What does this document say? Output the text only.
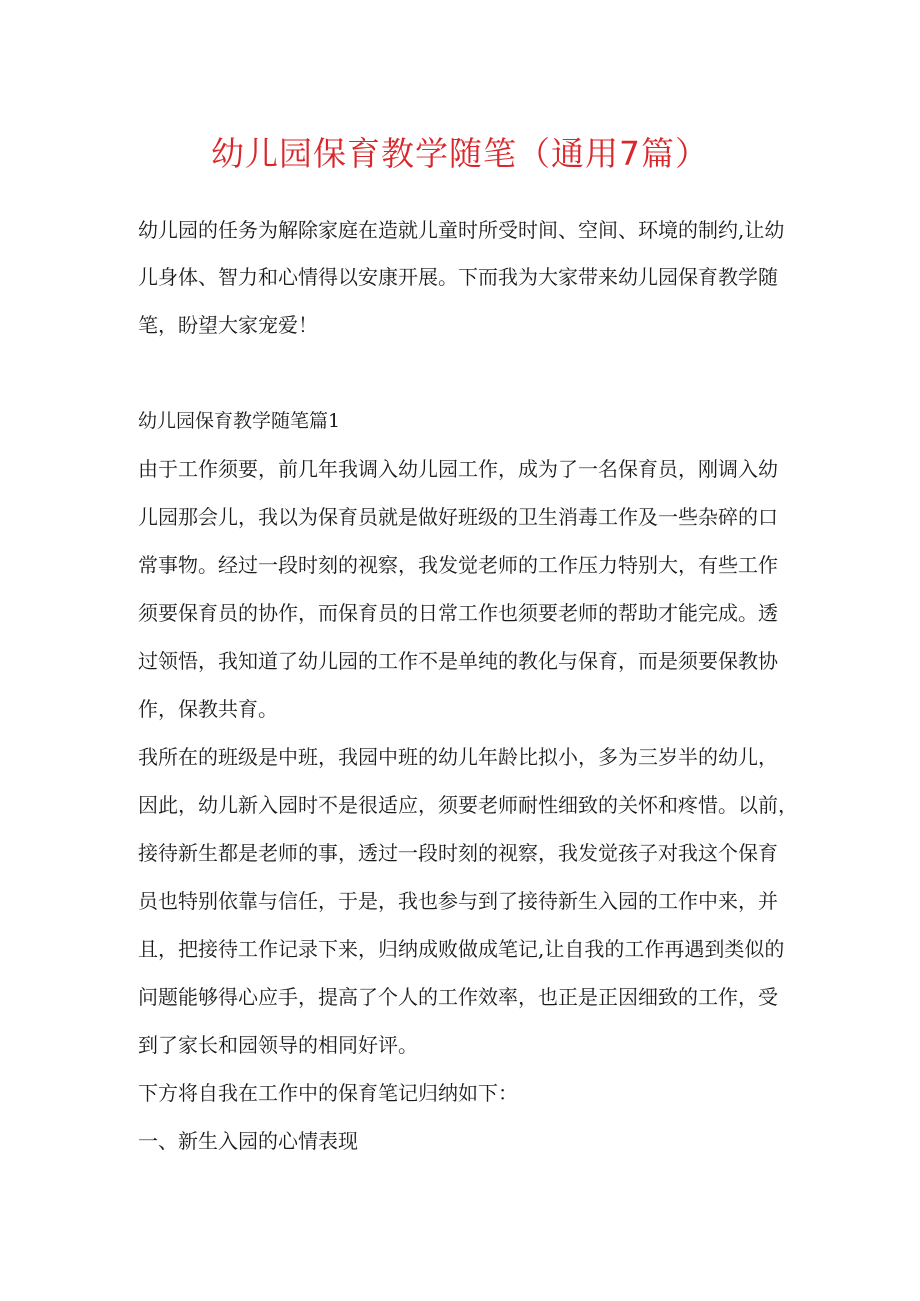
幼儿园保育教学随笔（通用7篇）

幼儿园的任务为解除家庭在造就儿童时所受时间、空间、环境的制约,让幼

儿身体、智力和心情得以安康开展。下而我为大家带来幼儿园保育教学随

笔，盼望大家宠爱！

幼儿园保育教学随笔篇1

由于工作须要，前几年我调入幼儿园工作，成为了一名保育员，刚调入幼

儿园那会儿，我以为保育员就是做好班级的卫生消毒工作及一些杂碎的口

常事物。经过一段时刻的视察，我发觉老师的工作压力特别大，有些工作

须要保育员的协作，而保育员的日常工作也须要老师的帮助才能完成。透

过领悟，我知道了幼儿园的工作不是单纯的教化与保育，而是须要保教协

作，保教共育。

我所在的班级是中班，我园中班的幼儿年龄比拟小，多为三岁半的幼儿，

因此，幼儿新入园时不是很适应，须要老师耐性细致的关怀和疼惜。以前，

接待新生都是老师的事，透过一段时刻的视察，我发觉孩子对我这个保育

员也特别依靠与信任，于是，我也参与到了接待新生入园的工作中来，并

且，把接待工作记录下来，归纳成败做成笔记,让自我的工作再遇到类似的

问题能够得心应手，提高了个人的工作效率，也正是正因细致的工作，受

到了家长和园领导的相同好评。

下方将自我在工作中的保育笔记归纳如下：

一、新生入园的心情表现
